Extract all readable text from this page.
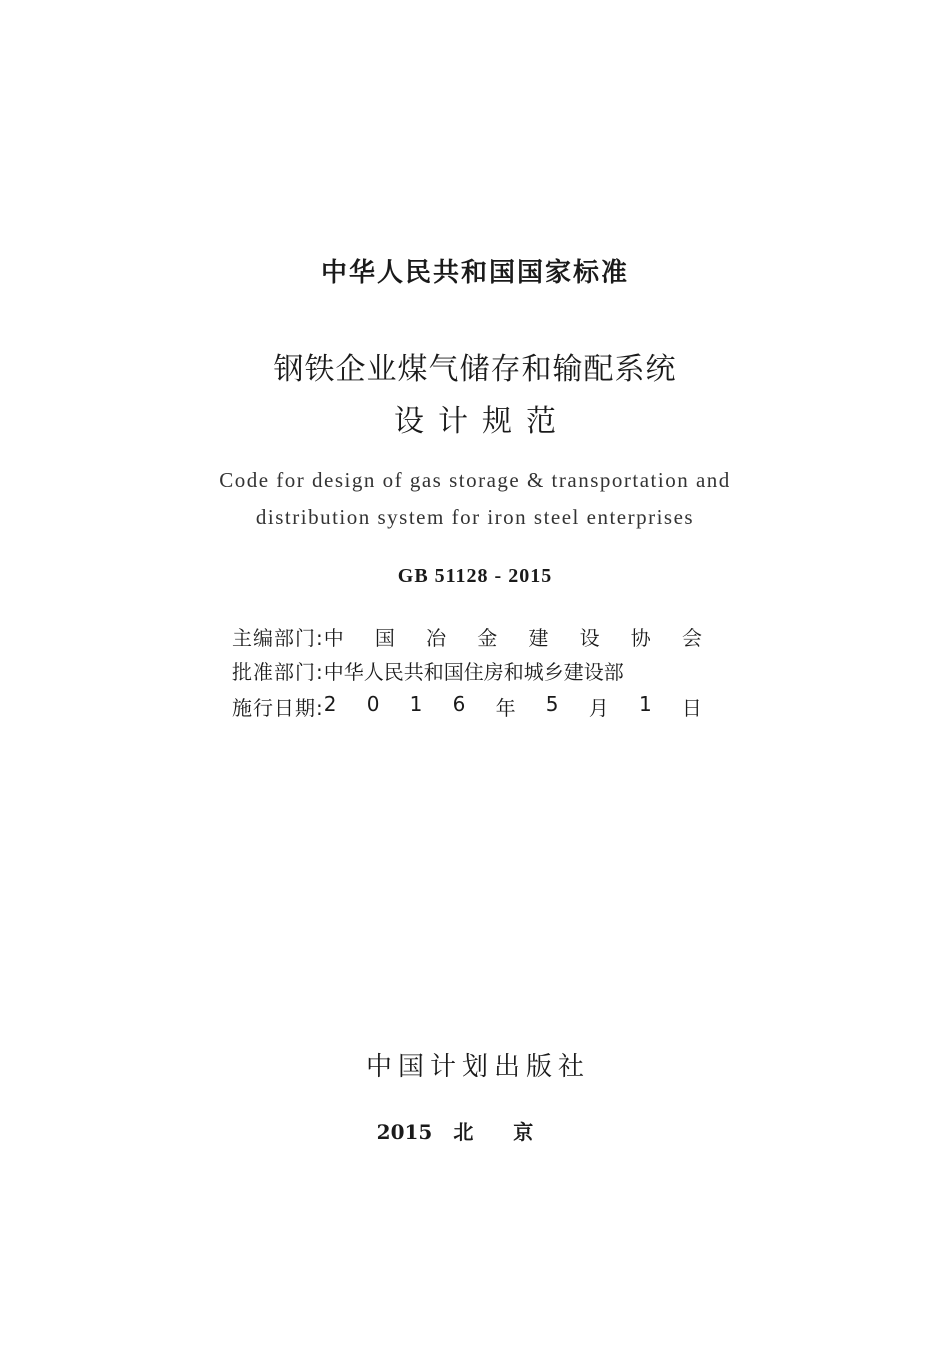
中华人民共和国国家标准
钢铁企业煤气储存和输配系统
设计规范
Code for design of gas storage & transportation and
distribution system for iron steel enterprises
GB 51128 - 2015
主编部门: 中 国 冶 金 建 设 协 会
批准部门: 中华人民共和国住房和城乡建设部
施行日期: 2 0 1 6 年 5 月 1 日
中国计划出版社
2015 北京
